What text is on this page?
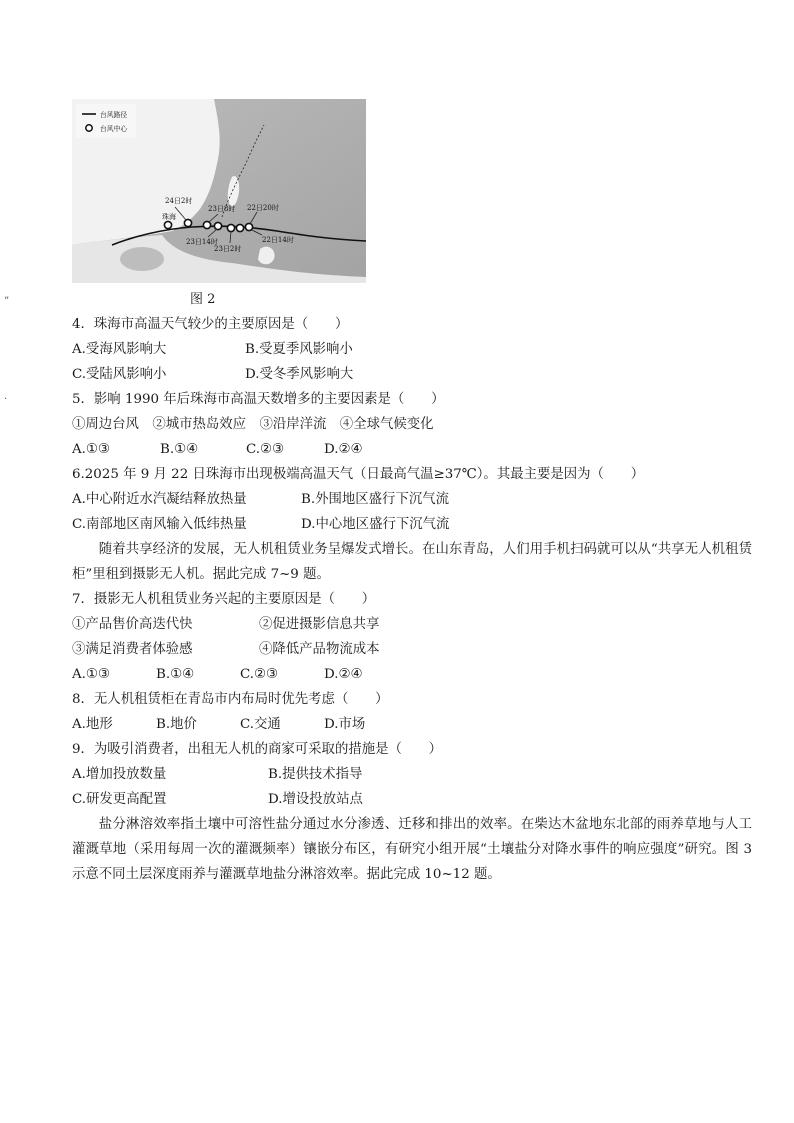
台风路径
台风中心
珠海
24日2时
23日8时 22日20时
23日14时
23日2时
22日14时
图 2
”
·
4．珠海市高温天气较少的主要原因是（　　）
A.受海风影响大	B.受夏季风影响小
C.受陆风影响小	D.受冬季风影响大
5．影响 1990 年后珠海市高温天数增多的主要因素是（　　）
①周边台风　②城市热岛效应　③沿岸洋流　④全球气候变化
A.①③	B.①④	C.②③	D.②④
6.2025 年 9 月 22 日珠海市出现极端高温天气（日最高气温≥37℃）。其最主要是因为（　　）
A.中心附近水汽凝结释放热量	B.外围地区盛行下沉气流
C.南部地区南风输入低纬热量	D.中心地区盛行下沉气流

随着共享经济的发展，无人机租赁业务呈爆发式增长。在山东青岛，人们用手机扫码就可以从“共享无人机租赁柜”里租到摄影无人机。据此完成 7~9 题。

7．摄影无人机租赁业务兴起的主要原因是（　　）
①产品售价高迭代快	②促进摄影信息共享
③满足消费者体验感	④降低产品物流成本
A.①③	B.①④	C.②③	D.②④
8．无人机租赁柜在青岛市内布局时优先考虑（　　）
A.地形	B.地价	C.交通	D.市场
9．为吸引消费者，出租无人机的商家可采取的措施是（　　）
A.增加投放数量	B.提供技术指导
C.研发更高配置	D.增设投放站点

盐分淋溶效率指土壤中可溶性盐分通过水分渗透、迁移和排出的效率。在柴达木盆地东北部的雨养草地与人工灌溉草地（采用每周一次的灌溉频率）镶嵌分布区，有研究小组开展“土壤盐分对降水事件的响应强度”研究。图 3 示意不同土层深度雨养与灌溉草地盐分淋溶效率。据此完成 10~12 题。
